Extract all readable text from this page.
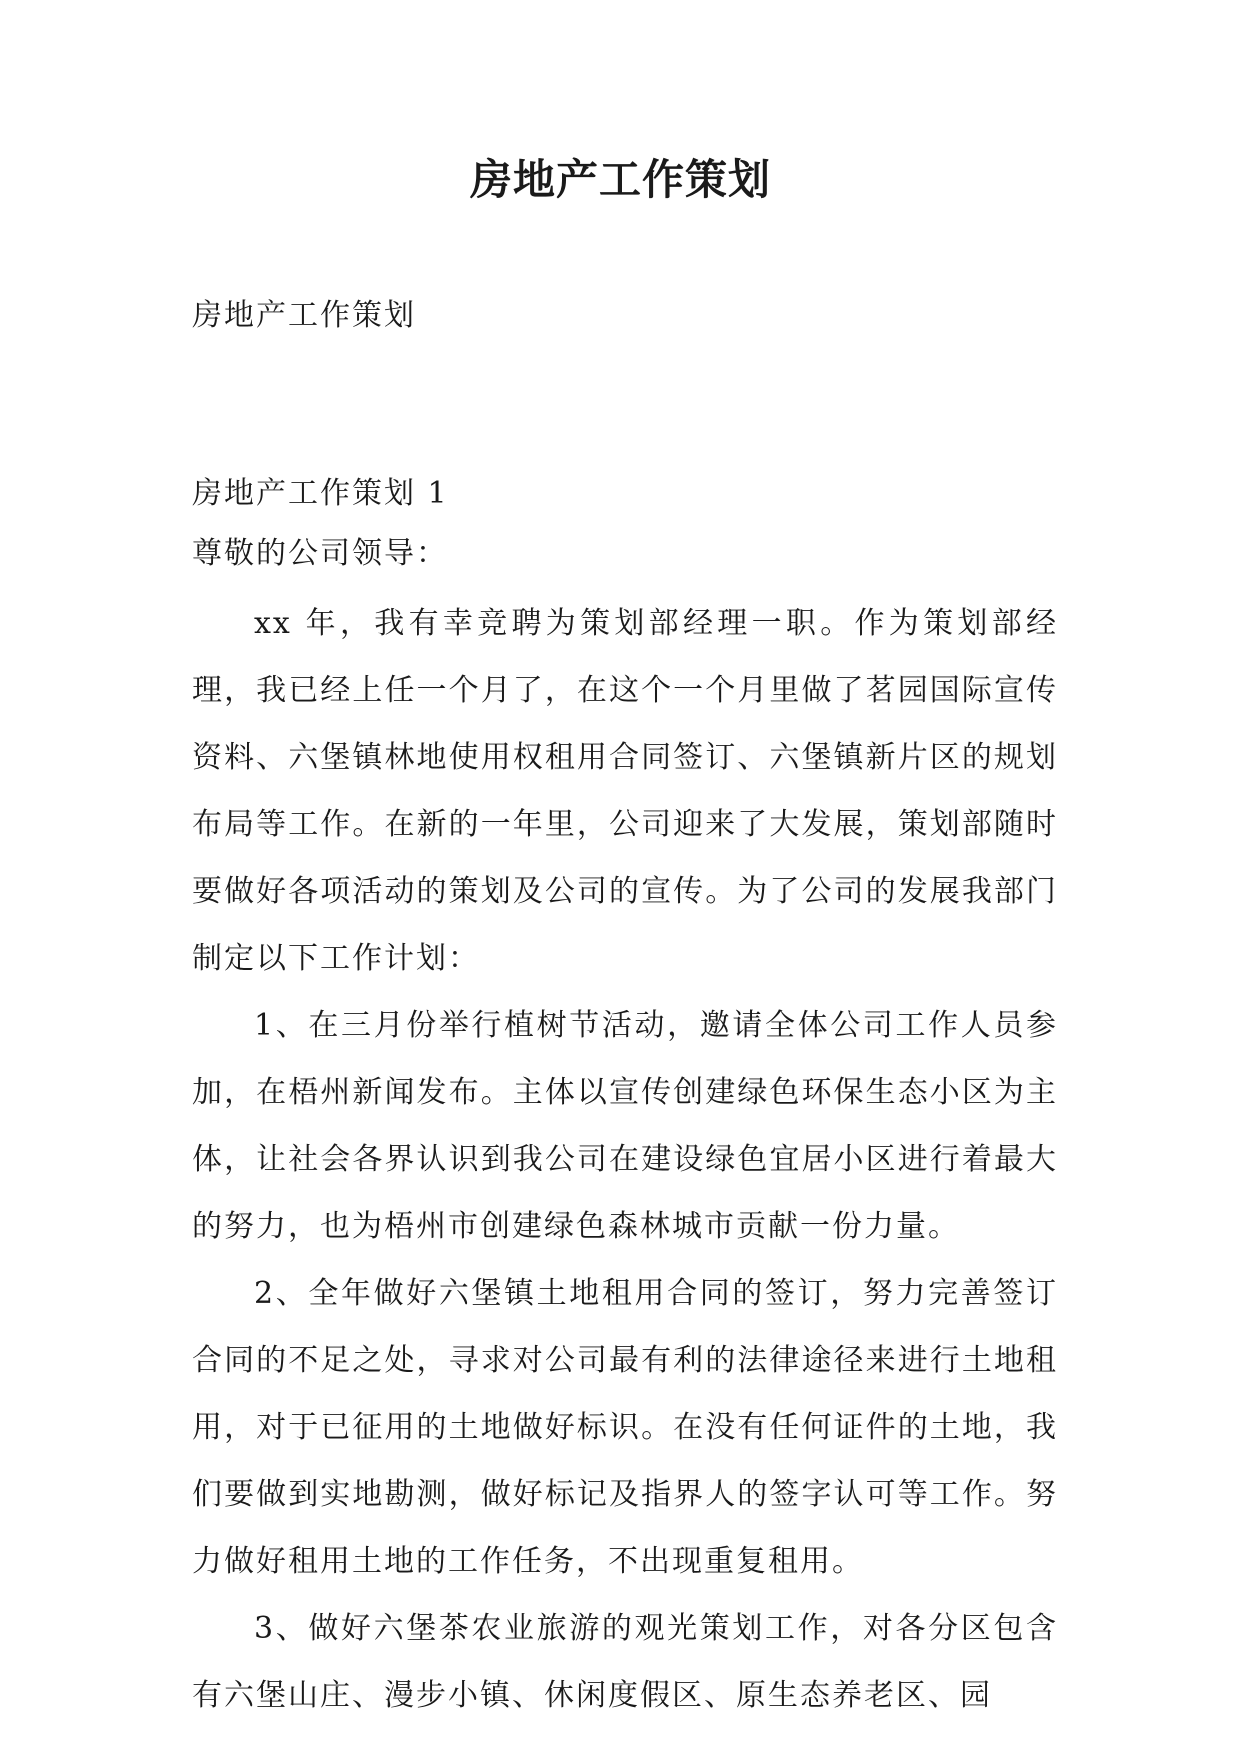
房地产工作策划
房地产工作策划
房地产工作策划 1
尊敬的公司领导：

xx 年，我有幸竞聘为策划部经理一职。作为策划部经理，我已经上任一个月了，在这个一个月里做了茗园国际宣传资料、六堡镇林地使用权租用合同签订、六堡镇新片区的规划布局等工作。在新的一年里，公司迎来了大发展，策划部随时要做好各项活动的策划及公司的宣传。为了公司的发展我部门制定以下工作计划：

1、在三月份举行植树节活动，邀请全体公司工作人员参加，在梧州新闻发布。主体以宣传创建绿色环保生态小区为主体，让社会各界认识到我公司在建设绿色宜居小区进行着最大的努力，也为梧州市创建绿色森林城市贡献一份力量。

2、全年做好六堡镇土地租用合同的签订，努力完善签订合同的不足之处，寻求对公司最有利的法律途径来进行土地租用，对于已征用的土地做好标识。在没有任何证件的土地，我们要做到实地勘测，做好标记及指界人的签字认可等工作。努力做好租用土地的工作任务，不出现重复租用。

3、做好六堡茶农业旅游的观光策划工作，对各分区包含有六堡山庄、漫步小镇、休闲度假区、原生态养老区、园
